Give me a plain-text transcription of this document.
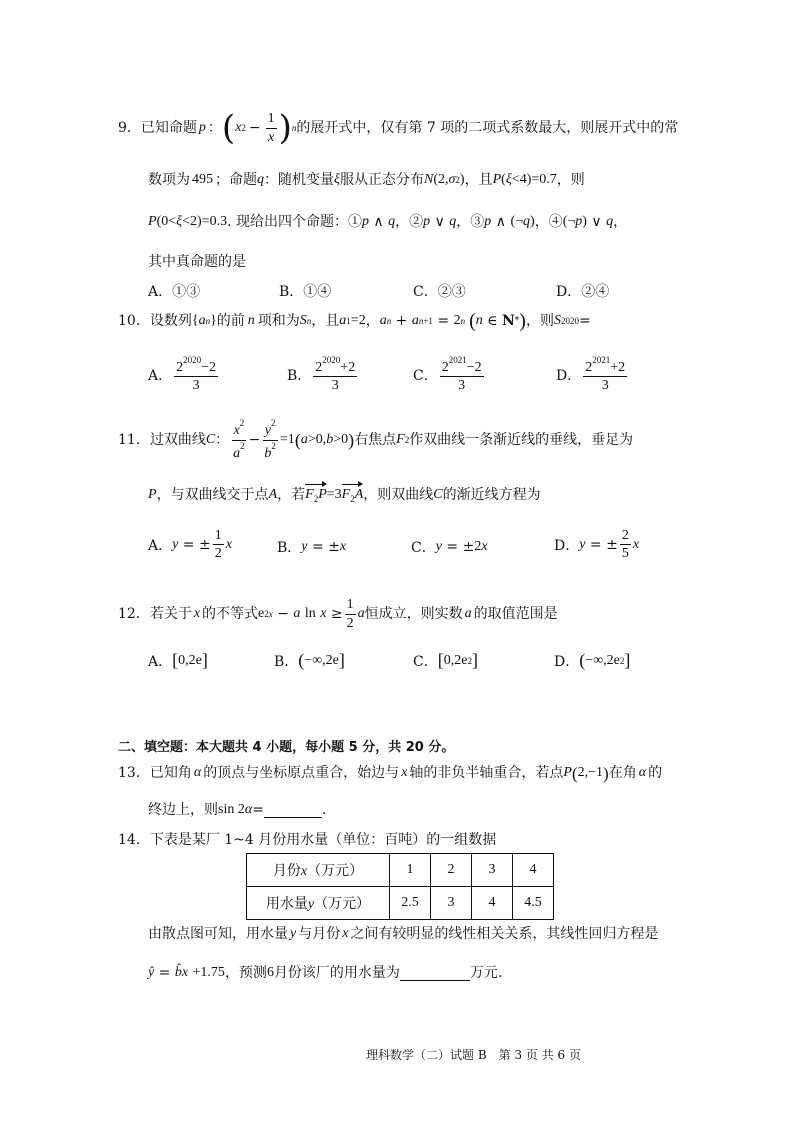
9． 已知命题 p ： ( x $2 - \frac{1}{x}$ ) n 的展开式中，仅有第 7 项的二项式系数最大，则展开式中的常
数项为 495 ；命题 q ：随机变量 ξ 服从正态分布 N (2, σ 2 ) ，且 P ( ξ <4)=0.7 ，则
P (0< ξ <2)=0.3 . 现给出四个命题：① p ∧ q ，② p ∨ q ，③ p ∧ (¬ q ) ，④ (¬ p ) ∨ q ，
其中真命题的是
A．①③	B．①④	C．②③	D．②④
10． 设数列 { a n } 的前 n 项和为 S n ，且 a 1 =2 ， a n + a n +1 = 2 n ( n ∈ N * ) ，则 S 2020 =
A． $\frac{2^{2020}-2}{3}$	B． $\frac{2^{2020}+2}{3}$	C． $\frac{2^{2021}-2}{3}$	D． $\frac{2^{2021}+2}{3}$
11． 过双曲线 C ： $\frac{x^2}{a^2} - \frac{y^2}{b^2} =1$ ( a >0, b >0 ) 右焦点 F 2 作双曲线一条渐近线的垂线，垂足为
P ，与双曲线交于点 A ，若 $F_2P =3$ $F_2A$ ，则双曲线 C 的渐近线方程为
A． y = ± $\frac{1}{2}$ x	B． y = ± x	C． y = ± 2 x	D． y = ± $\frac{2}{5}$ x
12． 若关于 x 的不等式 e 2x − a
ln
$x \ge \frac{1}{2}$ a 恒成立，则实数 a 的取值范围是
A． [ 0,2e ]	B． ( −∞,2e ]	C． [ 0,2e 2 ]	D． ( −∞,2e 2 ]
二、填空题：本大题共 4 小题，每小题 5 分，共 20 分。
13． 已知角 α 的顶点与坐标原点重合，始边与 x 轴的非负半轴重合，若点 P ( 2,−1 ) 在角 α 的
终边上，则 sin 2 α =	.
14． 下表是某厂 1~4 月份用水量（单位：百吨）的一组数据
月份x（万元）	1	2	3	4
用水量y（万元）	2.5	3	4	4.5
由散点图可知，用水量 y 与月份 x 之间有较明显的线性相关关系，其线性回归方程是
ŷ = b̂x
+1.75 ，预测 6 月份该厂的用水量为	万元.
理科数学（二）试题 B　第 3 页 共 6 页
